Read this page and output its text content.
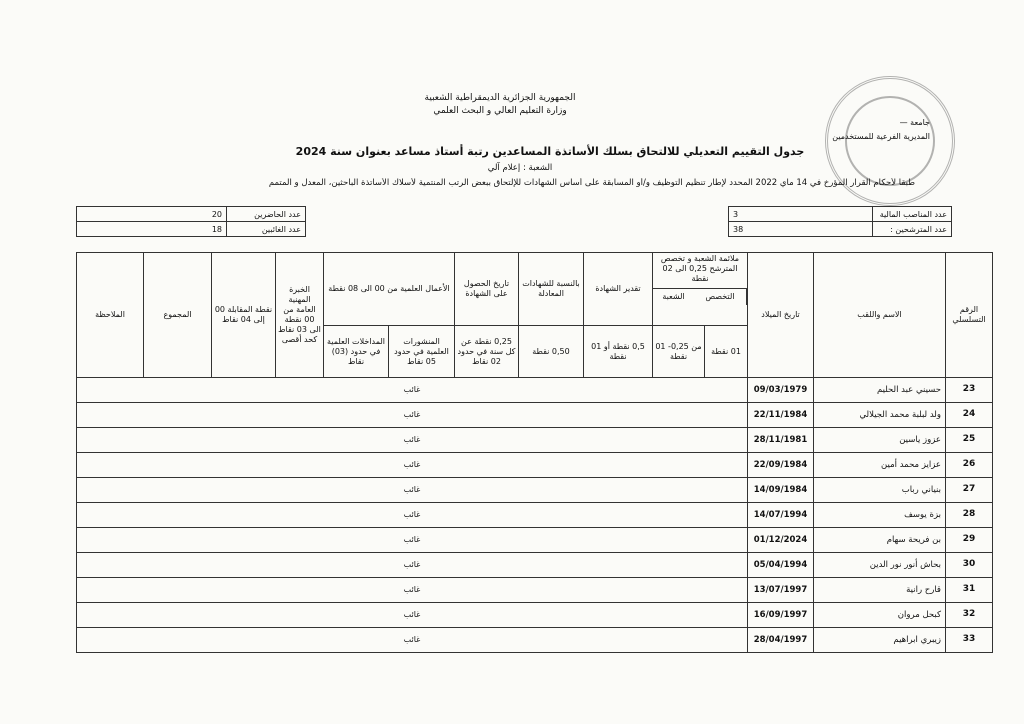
الجمهورية الجزائرية الديمقراطية الشعبية
وزارة التعليم العالي و البحث العلمي
جامعة —
المديرية الفرعية للمستخدمين
جدول التقييم التعديلي للالتحاق بسلك الأساتذة المساعدين رتبة أستاذ مساعد بعنوان سنة 2024
الشعبة : إعلام آلي
طبقا لأحكام القرار المؤرخ في 14 ماي 2022 المحدد لإطار تنظيم التوظيف و/أو المسابقة على أساس الشهادات للإلتحاق ببعض الرتب المنتمية لأسلاك الأساتذة الباحثين، المعدل و المتمم
3	عدد المناصب المالية
38	عدد المترشحين :
20	عدد الحاضرين
18	عدد الغائبين
الملاحظة	المجموع	نقطة المقابلة 00 إلى 04 نقاط	الخبرة المهنية العامة من 00 نقطة الى 03 نقاط كحد أقصى	الأعمال العلمية من 00 الى 08 نقطة		تاريخ الحصول على الشهادة	بالنسبة للشهادات المعادلة	تقدير الشهادة	ملائمة الشعبة و تخصص المترشح 0,25 الى 02 نقطة
التخصص
الشعبة		تاريخ الميلاد	الاسم واللقب	الرقم التسلسلي
				المداخلات العلمية في حدود (03) نقاط	المنشورات العلمية في حدود 05 نقاط	0,25 نقطة عن كل سنة في حدود 02 نقاط	0,50 نقطة	0,5 نقطة أو 01 نقطة	من 0,25- 01 نقطة	01 نقطة			
غائب											09/03/1979	حسيني عبد الحليم	23
غائب											22/11/1984	ولد لبلبة محمد الجيلالي	24
غائب											28/11/1981	عزوز ياسين	25
غائب											22/09/1984	عزايز محمد أمين	26
غائب											14/09/1984	بنياني رباب	27
غائب											14/07/1994	بزة يوسف	28
غائب											01/12/2024	بن فريحة سهام	29
غائب											05/04/1994	بحاش أنور نور الدين	30
غائب											13/07/1997	قارح رانية	31
غائب											16/09/1997	كبحل مروان	32
غائب											28/04/1997	زيبري ابراهيم	33
